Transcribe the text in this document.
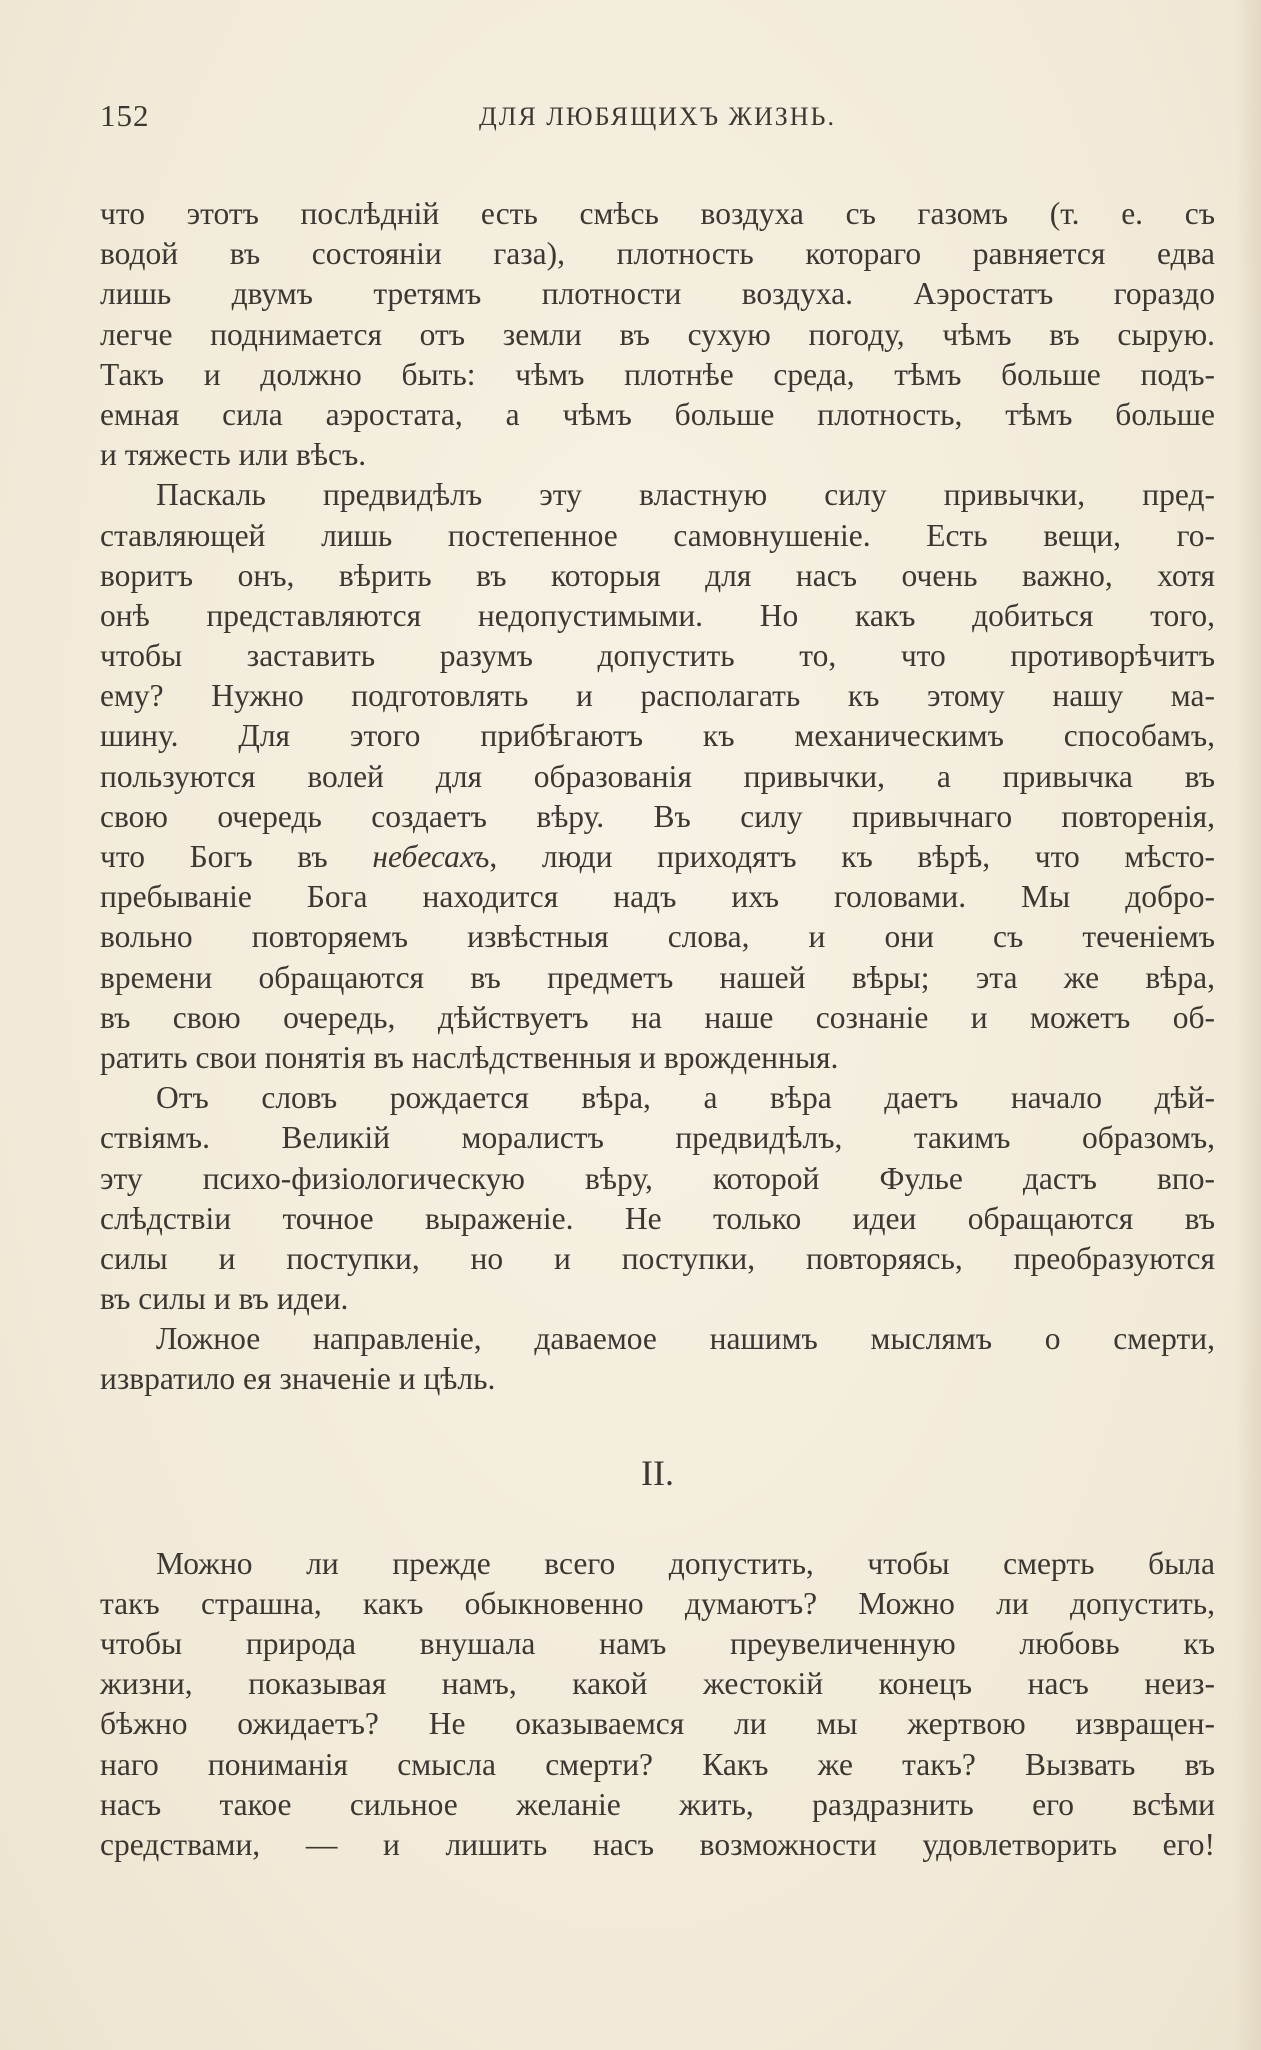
152	ДЛЯ ЛЮБЯЩИХЪ ЖИЗНЬ.
что этотъ послѣдній есть смѣсь воздуха съ газомъ (т. е. съ
водой въ состояніи газа), плотность котораго равняется едва
лишь двумъ третямъ плотности воздуха. Аэростатъ гораздо
легче поднимается отъ земли въ сухую погоду, чѣмъ въ сырую.
Такъ и должно быть: чѣмъ плотнѣе среда, тѣмъ больше подъ-
емная сила аэростата, а чѣмъ больше плотность, тѣмъ больше
и тяжесть или вѣсъ.
Паскаль предвидѣлъ эту властную силу привычки, пред-
ставляющей лишь постепенное самовнушеніе. Есть вещи, го-
воритъ онъ, вѣрить въ которыя для насъ очень важно, хотя
онѣ представляются недопустимыми. Но какъ добиться того,
чтобы заставить разумъ допустить то, что противорѣчитъ
ему? Нужно подготовлять и располагать къ этому нашу ма-
шину. Для этого прибѣгаютъ къ механическимъ способамъ,
пользуются волей для образованія привычки, а привычка въ
свою очередь создаетъ вѣру. Въ силу привычнаго повторенія,
что Богъ въ небесахъ, люди приходятъ къ вѣрѣ, что мѣсто-
пребываніе Бога находится надъ ихъ головами. Мы добро-
вольно повторяемъ извѣстныя слова, и они съ теченіемъ
времени обращаются въ предметъ нашей вѣры; эта же вѣра,
въ свою очередь, дѣйствуетъ на наше сознаніе и можетъ об-
ратить свои понятія въ наслѣдственныя и врожденныя.
Отъ словъ рождается вѣра, а вѣра даетъ начало дѣй-
ствіямъ. Великій моралистъ предвидѣлъ, такимъ образомъ,
эту психо-физіологическую вѣру, которой Фулье дастъ впо-
слѣдствіи точное выраженіе. Не только идеи обращаются въ
силы и поступки, но и поступки, повторяясь, преобразуются
въ силы и въ идеи.
Ложное направленіе, даваемое нашимъ мыслямъ о смерти,
извратило ея значеніе и цѣль.
II.
Можно ли прежде всего допустить, чтобы смерть была
такъ страшна, какъ обыкновенно думаютъ? Можно ли допустить,
чтобы природа внушала намъ преувеличенную любовь къ
жизни, показывая намъ, какой жестокій конецъ насъ неиз-
бѣжно ожидаетъ? Не оказываемся ли мы жертвою извращен-
наго пониманія смысла смерти? Какъ же такъ? Вызвать въ
насъ такое сильное желаніе жить, раздразнить его всѣми
средствами, — и лишить насъ возможности удовлетворить его!
